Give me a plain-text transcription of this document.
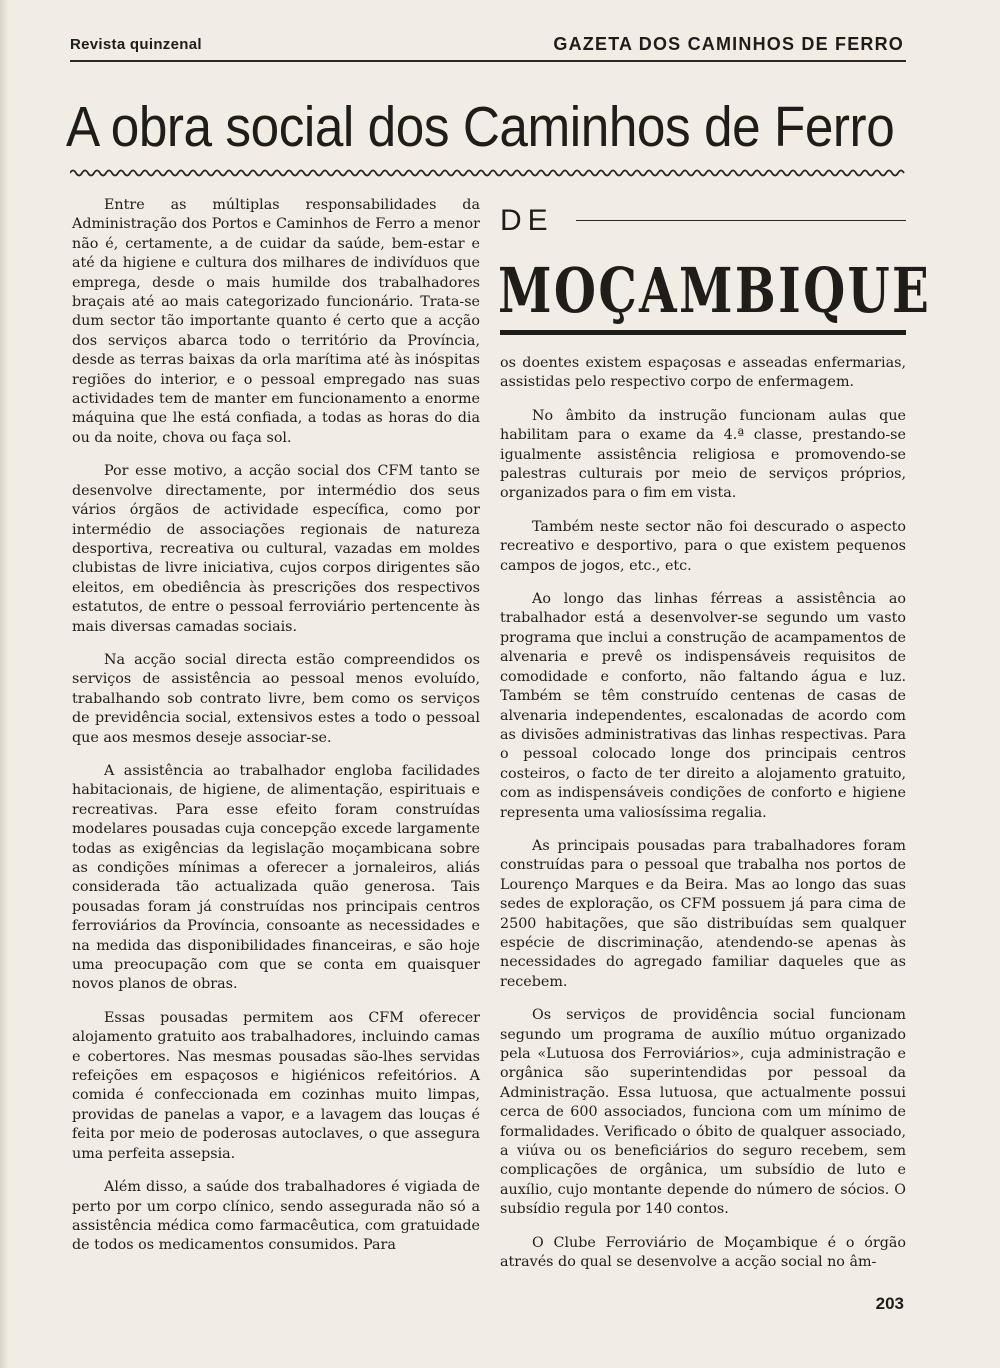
Revista quinzenal	GAZETA DOS CAMINHOS DE FERRO
A obra social dos Caminhos de Ferro

Entre as múltiplas responsabilidades da Administração dos Portos e Caminhos de Ferro a menor não é, certamente, a de cuidar da saúde, bem-estar e até da higiene e cultura dos milhares de indivíduos que emprega, desde o mais humilde dos trabalhadores braçais até ao mais categorizado funcionário. Trata-se dum sector tão importante quanto é certo que a acção dos serviços abarca todo o território da Província, desde as terras baixas da orla marítima até às inóspitas regiões do interior, e o pessoal empregado nas suas actividades tem de manter em funcionamento a enorme máquina que lhe está confiada, a todas as horas do dia ou da noite, chova ou faça sol.

Por esse motivo, a acção social dos CFM tanto se desenvolve directamente, por intermédio dos seus vários órgãos de actividade específica, como por intermédio de associações regionais de natureza desportiva, recreativa ou cultural, vazadas em moldes clubistas de livre iniciativa, cujos corpos dirigentes são eleitos, em obediência às prescrições dos respectivos estatutos, de entre o pessoal ferroviário pertencente às mais diversas camadas sociais.

Na acção social directa estão compreendidos os serviços de assistência ao pessoal menos evoluído, trabalhando sob contrato livre, bem como os serviços de previdência social, extensivos estes a todo o pessoal que aos mesmos deseje associar-se.

A assistência ao trabalhador engloba facilidades habitacionais, de higiene, de alimentação, espirituais e recreativas. Para esse efeito foram construídas modelares pousadas cuja concepção excede largamente todas as exigências da legislação moçambicana sobre as condições mínimas a oferecer a jornaleiros, aliás considerada tão actualizada quão generosa. Tais pousadas foram já construídas nos principais centros ferroviários da Província, consoante as necessidades e na medida das disponibilidades financeiras, e são hoje uma preocupação com que se conta em quaisquer novos planos de obras.

Essas pousadas permitem aos CFM oferecer alojamento gratuito aos trabalhadores, incluindo camas e cobertores. Nas mesmas pousadas são-lhes servidas refeições em espaçosos e higiénicos refeitórios. A comida é confeccionada em cozinhas muito limpas, providas de panelas a vapor, e a lavagem das louças é feita por meio de poderosas autoclaves, o que assegura uma perfeita assepsia.

Além disso, a saúde dos trabalhadores é vigiada de perto por um corpo clínico, sendo assegurada não só a assistência médica como farmacêutica, com gratuidade de todos os medicamentos consumidos. Para

DE
MOÇAMBIQUE

os doentes existem espaçosas e asseadas enfermarias, assistidas pelo respectivo corpo de enfermagem.

No âmbito da instrução funcionam aulas que habilitam para o exame da 4.ª classe, prestando-se igualmente assistência religiosa e promovendo-se palestras culturais por meio de serviços próprios, organizados para o fim em vista.

Também neste sector não foi descurado o aspecto recreativo e desportivo, para o que existem pequenos campos de jogos, etc., etc.

Ao longo das linhas férreas a assistência ao trabalhador está a desenvolver-se segundo um vasto programa que inclui a construção de acampamentos de alvenaria e prevê os indispensáveis requisitos de comodidade e conforto, não faltando água e luz. Também se têm construído centenas de casas de alvenaria independentes, escalonadas de acordo com as divisões administrativas das linhas respectivas. Para o pessoal colocado longe dos principais centros costeiros, o facto de ter direito a alojamento gratuito, com as indispensáveis condições de conforto e higiene representa uma valiosíssima regalia.

As principais pousadas para trabalhadores foram construídas para o pessoal que trabalha nos portos de Lourenço Marques e da Beira. Mas ao longo das suas sedes de exploração, os CFM possuem já para cima de 2500 habitações, que são distribuídas sem qualquer espécie de discriminação, atendendo-se apenas às necessidades do agregado familiar daqueles que as recebem.

Os serviços de providência social funcionam segundo um programa de auxílio mútuo organizado pela «Lutuosa dos Ferroviários», cuja administração e orgânica são superintendidas por pessoal da Administração. Essa lutuosa, que actualmente possui cerca de 600 associados, funciona com um mínimo de formalidades. Verificado o óbito de qualquer associado, a viúva ou os beneficiários do seguro recebem, sem complicações de orgânica, um subsídio de luto e auxílio, cujo montante depende do número de sócios. O subsídio regula por 140 contos.

O Clube Ferroviário de Moçambique é o órgão através do qual se desenvolve a acção social no âm-

203
